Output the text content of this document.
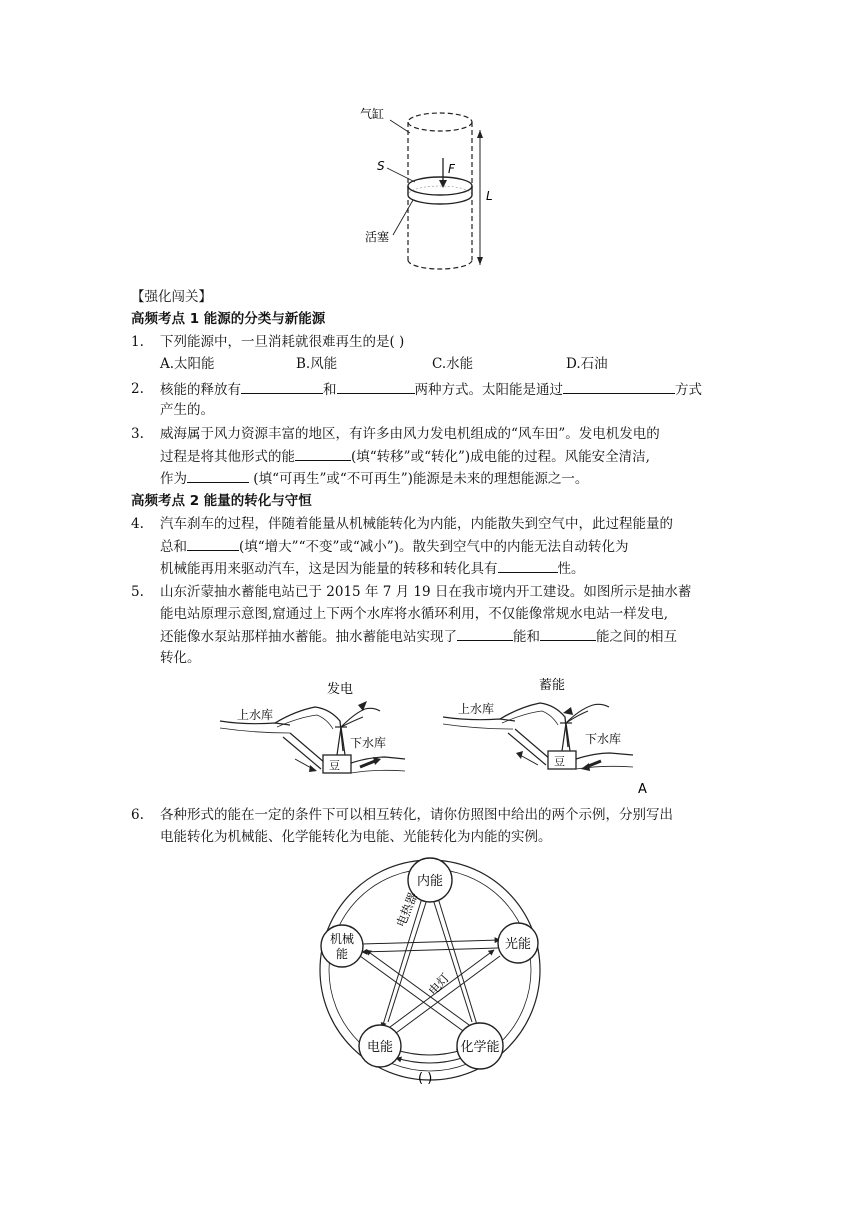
气缸
S	F
L
活塞
【强化闯关】
高频考点 1 能源的分类与新能源
1. 下列能源中，一旦消耗就很难再生的是( )
A.太阳能	B.风能	C.水能	D.石油
2. 核能的释放有	和	两种方式。太阳能是通过	方式
产生的。
3. 威海属于风力资源丰富的地区，有许多由风力发电机组成的“风车田”。发电机发电的
过程是将其他形式的能	(填“转移”或“转化”)成电能的过程。风能安全清洁,
作为	(填“可再生”或“不可再生”)能源是未来的理想能源之一。
高频考点 2 能量的转化与守恒
4. 汽车刹车的过程，伴随着能量从机械能转化为内能，内能散失到空气中，此过程能量的
总和	(填“增大”“不变”或“减小”)。散失到空气中的内能无法自动转化为
机械能再用来驱动汽车，这是因为能量的转移和转化具有	性。
5. 山东沂蒙抽水蓄能电站已于 2015 年 7 月 19 日在我市境内开工建设。如图所示是抽水蓄
能电站原理示意图,窟通过上下两个水库将水循环利用，不仅能像常规水电站一样发电,
还能像水泵站那样抽水蓄能。抽水蓄能电站实现了	能和	能之间的相互
转化。
发电
上水库
豆
下水库
蓄能
上水库
豆
下水库
A
6. 各种形式的能在一定的条件下可以相互转化，请你仿照图中给出的两个示例，分别写出
电能转化为机械能、化学能转化为电能、光能转化为内能的实例。
内能
光能
机械
能
电能	化学能
电热器
电灯
( )
